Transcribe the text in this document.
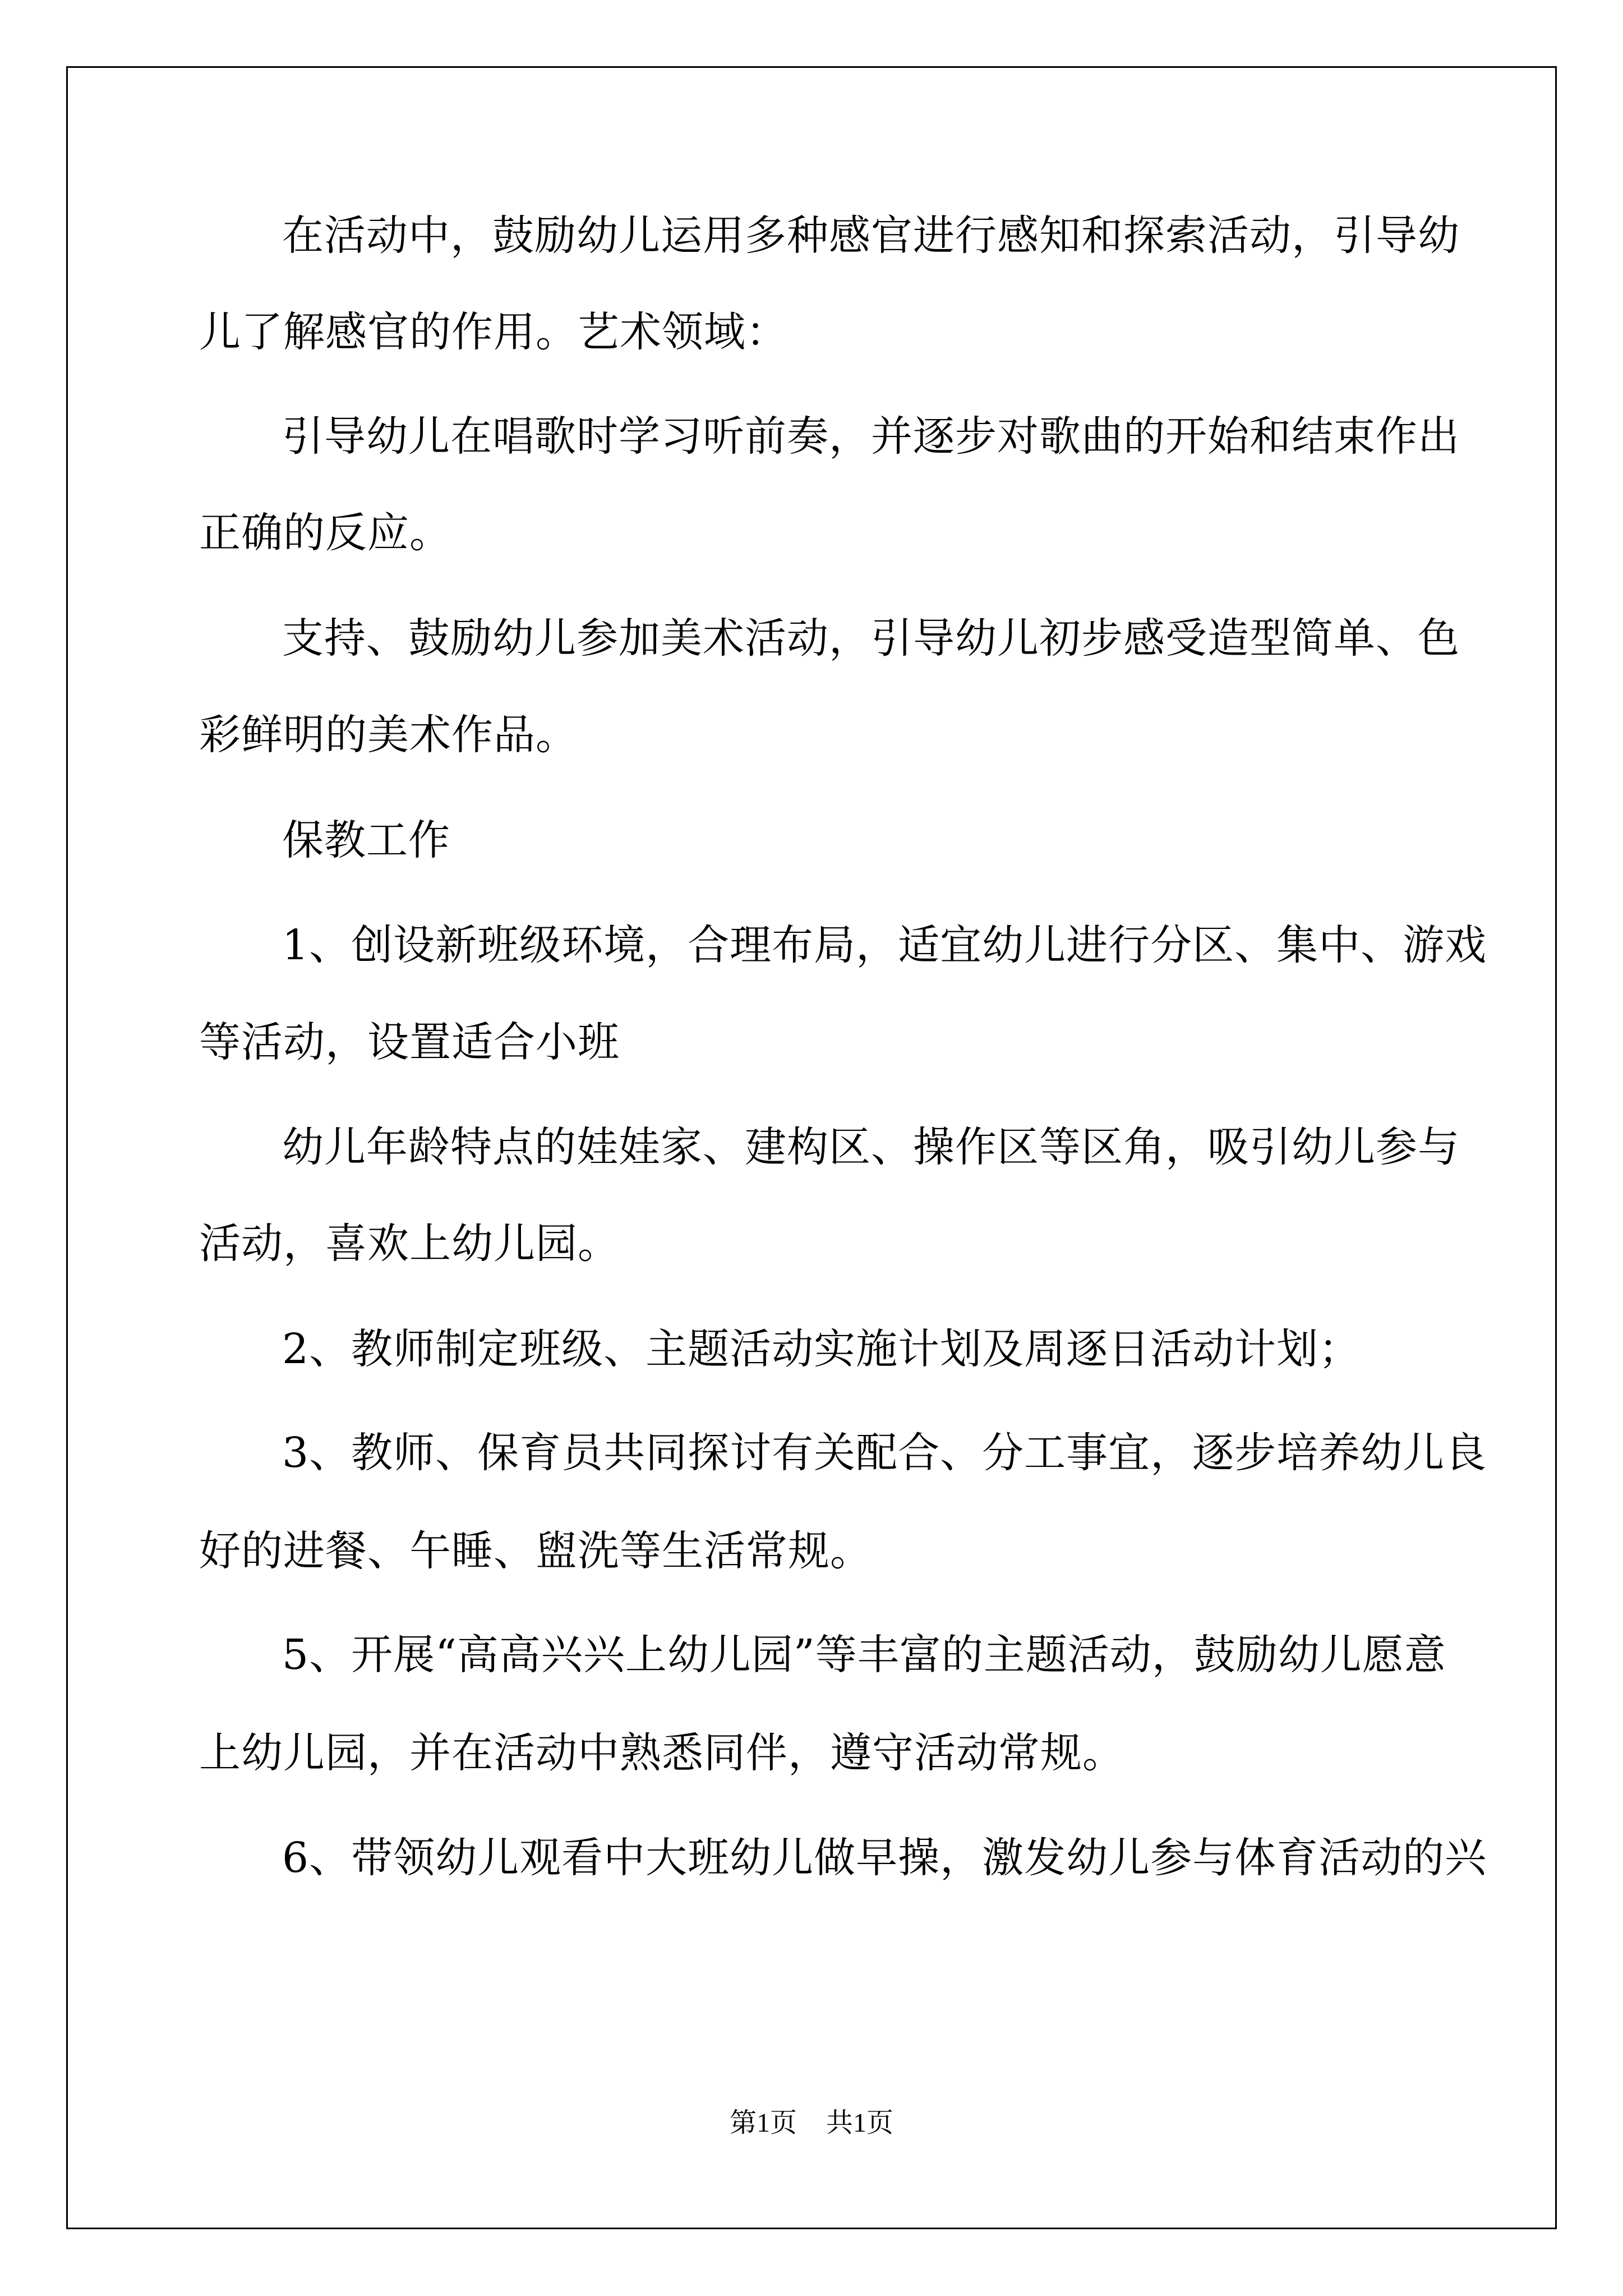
在活动中，鼓励幼儿运用多种感官进行感知和探索活动，引导幼
儿了解感官的作用。艺术领域：
引导幼儿在唱歌时学习听前奏，并逐步对歌曲的开始和结束作出
正确的反应。
支持、鼓励幼儿参加美术活动，引导幼儿初步感受造型简单、色
彩鲜明的美术作品。
保教工作
1、创设新班级环境，合理布局，适宜幼儿进行分区、集中、游戏
等活动，设置适合小班
幼儿年龄特点的娃娃家、建构区、操作区等区角，吸引幼儿参与
活动，喜欢上幼儿园。
2、教师制定班级、主题活动实施计划及周逐日活动计划；
3、教师、保育员共同探讨有关配合、分工事宜，逐步培养幼儿良
好的进餐、午睡、盥洗等生活常规。
5、开展“高高兴兴上幼儿园”等丰富的主题活动，鼓励幼儿愿意
上幼儿园，并在活动中熟悉同伴，遵守活动常规。
6、带领幼儿观看中大班幼儿做早操，激发幼儿参与体育活动的兴
第1页 共1页
